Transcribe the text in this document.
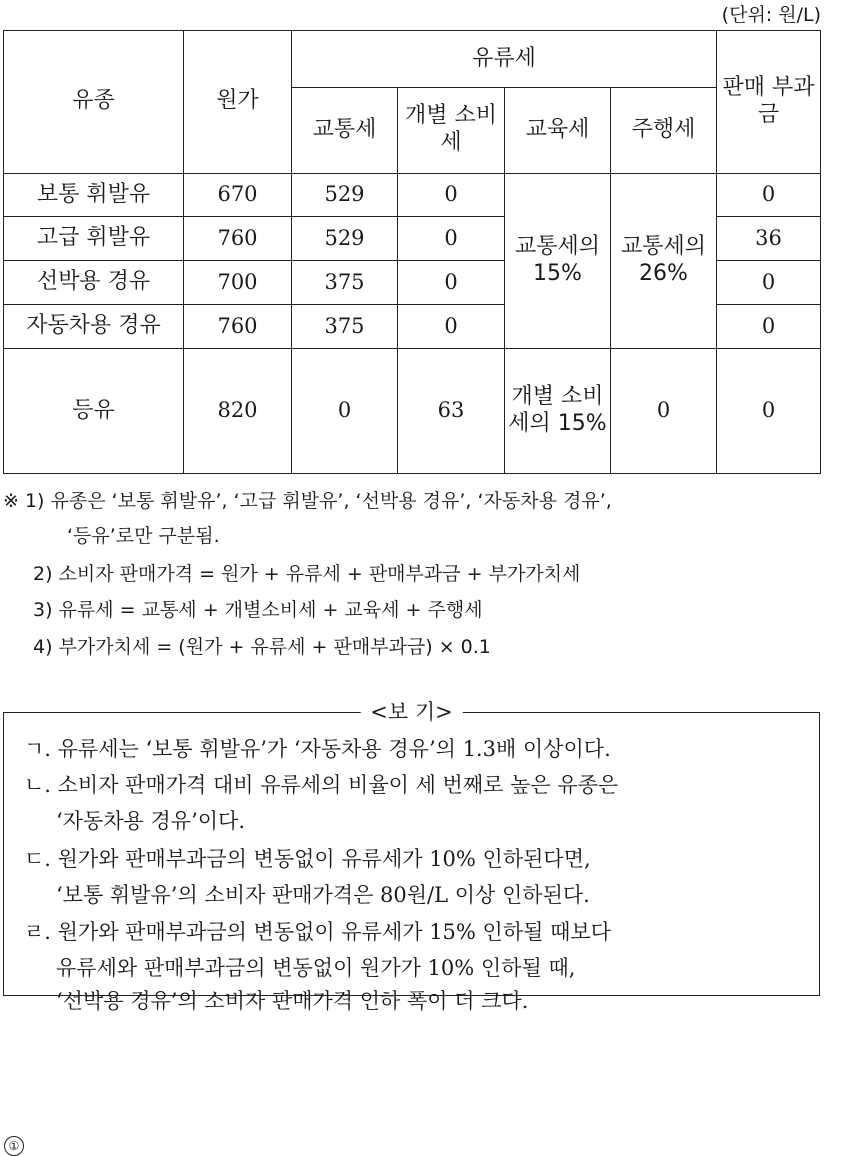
(단위: 원/L)
유종	원가	유류세				판매 부과금
		교통세	개별 소비세	교육세	주행세	
보통 휘발유	670	529	0	교통세의 15%	교통세의 26%	0
고급 휘발유	760	529	0			36
선박용 경유	700	375	0			0
자동차용 경유	760	375	0			0
등유	820	0	63	개별 소비세의 15%	0	0
※ 1) 유종은 ‘보통 휘발유’, ‘고급 휘발유’, ‘선박용 경유’, ‘자동차용 경유’,
‘등유’로만 구분됨.
2) 소비자 판매가격 = 원가 + 유류세 + 판매부과금 + 부가가치세
3) 유류세 = 교통세 + 개별소비세 + 교육세 + 주행세
4) 부가가치세 = (원가 + 유류세 + 판매부과금) × 0.1
ㄱ. 유류세는 ‘보통 휘발유’가 ‘자동차용 경유’의 1.3배 이상이다.
ㄴ. 소비자 판매가격 대비 유류세의 비율이 세 번째로 높은 유종은
‘자동차용 경유’이다.
ㄷ. 원가와 판매부과금의 변동없이 유류세가 10% 인하된다면,
‘보통 휘발유’의 소비자 판매가격은 80원/L 이상 인하된다.
ㄹ. 원가와 판매부과금의 변동없이 유류세가 15% 인하될 때보다
유류세와 판매부과금의 변동없이 원가가 10% 인하될 때,
‘선박용 경유’의 소비자 판매가격 인하 폭이 더 크다.
<보 기>
①
